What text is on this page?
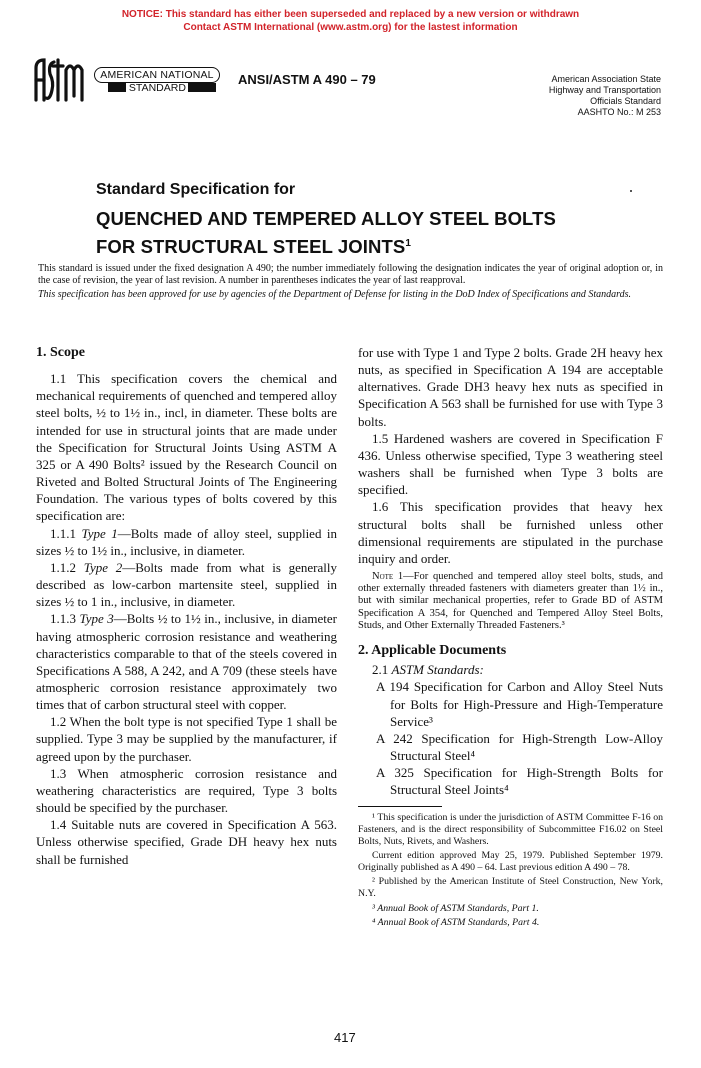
NOTICE: This standard has either been superseded and replaced by a new version or withdrawn
Contact ASTM International (www.astm.org) for the lastest information
AMERICAN NATIONAL
STANDARD
ANSI/ASTM A 490 – 79	American Association State
Highway and Transportation
Officials Standard
AASHTO No.: M 253
Standard Specification for
QUENCHED AND TEMPERED ALLOY STEEL BOLTS
FOR STRUCTURAL STEEL JOINTS$^1$

This standard is issued under the fixed designation A 490; the number immediately following the designation indicates the year of original adoption or, in the case of revision, the year of last revision. A number in parentheses indicates the year of last reapproval.

This specification has been approved for use by agencies of the Department of Defense for listing in the DoD Index of Specifications and Standards.

1. Scope

1.1 This specification covers the chemical and mechanical requirements of quenched and tempered alloy steel bolts, ½ to 1½ in., incl, in diameter. These bolts are intended for use in structural joints that are made under the Specification for Structural Joints Using ASTM A 325 or A 490 Bolts² issued by the Research Council on Riveted and Bolted Structural Joints of The Engineering Foundation. The various types of bolts covered by this specification are:

1.1.1 Type 1—Bolts made of alloy steel, supplied in sizes ½ to 1½ in., inclusive, in diameter.

1.1.2 Type 2—Bolts made from what is generally described as low-carbon martensite steel, supplied in sizes ½ to 1 in., inclusive, in diameter.

1.1.3 Type 3—Bolts ½ to 1½ in., inclusive, in diameter having atmospheric corrosion resistance and weathering characteristics comparable to that of the steels covered in Specifications A 588, A 242, and A 709 (these steels have atmospheric corrosion resistance approximately two times that of carbon structural steel with copper.

1.2 When the bolt type is not specified Type 1 shall be supplied. Type 3 may be supplied by the manufacturer, if agreed upon by the purchaser.

1.3 When atmospheric corrosion resistance and weathering characteristics are required, Type 3 bolts should be specified by the purchaser.

1.4 Suitable nuts are covered in Specification A 563. Unless otherwise specified, Grade DH heavy hex nuts shall be furnished

for use with Type 1 and Type 2 bolts. Grade 2H heavy hex nuts, as specified in Specification A 194 are acceptable alternatives. Grade DH3 heavy hex nuts as specified in Specification A 563 shall be furnished for use with Type 3 bolts.

1.5 Hardened washers are covered in Specification F 436. Unless otherwise specified, Type 3 weathering steel washers shall be furnished when Type 3 bolts are specified.

1.6 This specification provides that heavy hex structural bolts shall be furnished unless other dimensional requirements are stipulated in the purchase inquiry and order.

Note 1—For quenched and tempered alloy steel bolts, studs, and other externally threaded fasteners with diameters greater than 1½ in., but with similar mechanical properties, refer to Grade BD of ASTM Specification A 354, for Quenched and Tempered Alloy Steel Bolts, Studs, and Other Externally Threaded Fasteners.³

2. Applicable Documents

2.1 ASTM Standards:

A 194 Specification for Carbon and Alloy Steel Nuts for Bolts for High-Pressure and High-Temperature Service³

A 242 Specification for High-Strength Low-Alloy Structural Steel⁴

A 325 Specification for High-Strength Bolts for Structural Steel Joints⁴

¹ This specification is under the jurisdiction of ASTM Committee F-16 on Fasteners, and is the direct responsibility of Subcommittee F16.02 on Steel Bolts, Nuts, Rivets, and Washers.

Current edition approved May 25, 1979. Published September 1979. Originally published as A 490 – 64. Last previous edition A 490 – 78.

² Published by the American Institute of Steel Construction, New York, N.Y.

³ Annual Book of ASTM Standards, Part 1.

⁴ Annual Book of ASTM Standards, Part 4.

417
